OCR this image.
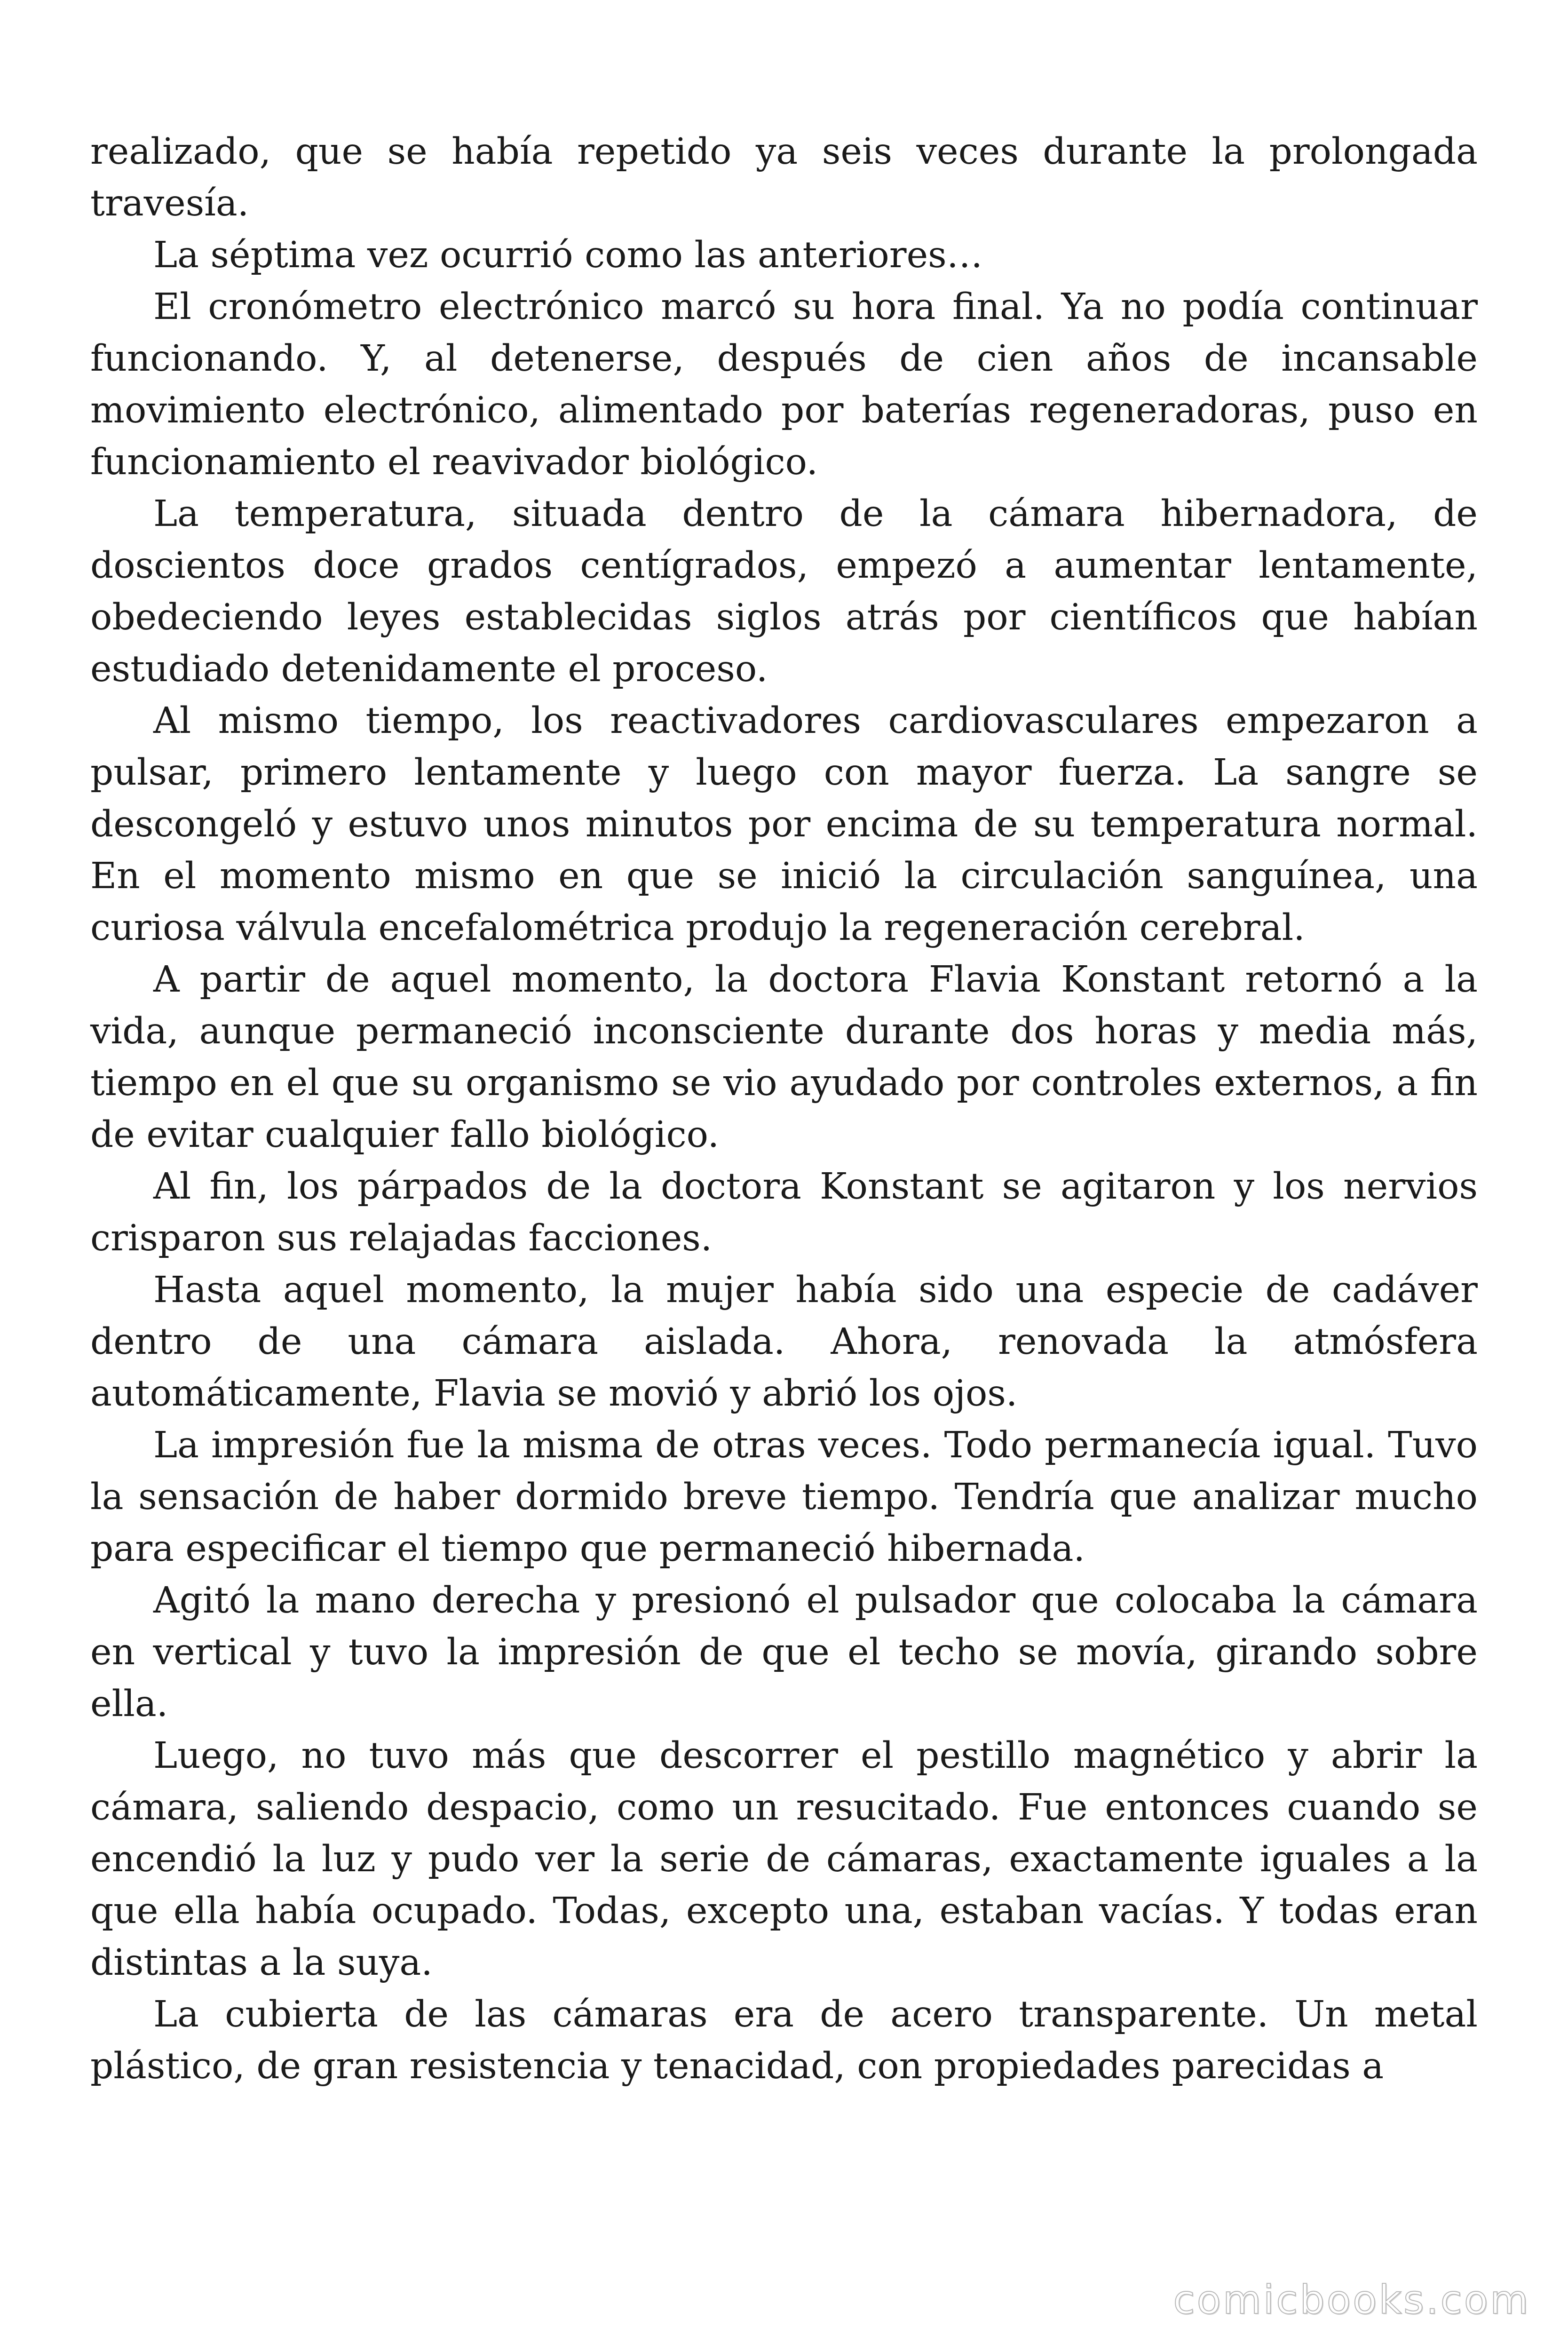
realizado, que se había repetido ya seis veces durante la prolongada travesía.

La séptima vez ocurrió como las anteriores…

El cronómetro electrónico marcó su hora final. Ya no podía continuar funcionando. Y, al detenerse, después de cien años de incansable movimiento electrónico, alimentado por baterías regeneradoras, puso en funcionamiento el reavivador biológico.

La temperatura, situada dentro de la cámara hibernadora, de doscientos doce grados centígrados, empezó a aumentar lentamente, obedeciendo leyes establecidas siglos atrás por científicos que habían estudiado detenidamente el proceso.

Al mismo tiempo, los reactivadores cardiovasculares empezaron a pulsar, primero lentamente y luego con mayor fuerza. La sangre se descongeló y estuvo unos minutos por encima de su temperatura normal. En el momento mismo en que se inició la circulación sanguínea, una curiosa válvula encefalométrica produjo la regeneración cerebral.

A partir de aquel momento, la doctora Flavia Konstant retornó a la vida, aunque permaneció inconsciente durante dos horas y media más, tiempo en el que su organismo se vio ayudado por controles externos, a fin de evitar cualquier fallo biológico.

Al fin, los párpados de la doctora Konstant se agitaron y los nervios crisparon sus relajadas facciones.

Hasta aquel momento, la mujer había sido una especie de cadáver dentro de una cámara aislada. Ahora, renovada la atmósfera automáticamente, Flavia se movió y abrió los ojos.

La impresión fue la misma de otras veces. Todo permanecía igual. Tuvo la sensación de haber dormido breve tiempo. Tendría que analizar mucho para especificar el tiempo que permaneció hibernada.

Agitó la mano derecha y presionó el pulsador que colocaba la cámara en vertical y tuvo la impresión de que el techo se movía, girando sobre ella.

Luego, no tuvo más que descorrer el pestillo magnético y abrir la cámara, saliendo despacio, como un resucitado. Fue entonces cuando se encendió la luz y pudo ver la serie de cámaras, exactamente iguales a la que ella había ocupado. Todas, excepto una, estaban vacías. Y todas eran distintas a la suya.

La cubierta de las cámaras era de acero transparente. Un metal plástico, de gran resistencia y tenacidad, con propiedades parecidas a

comicbooks.com
